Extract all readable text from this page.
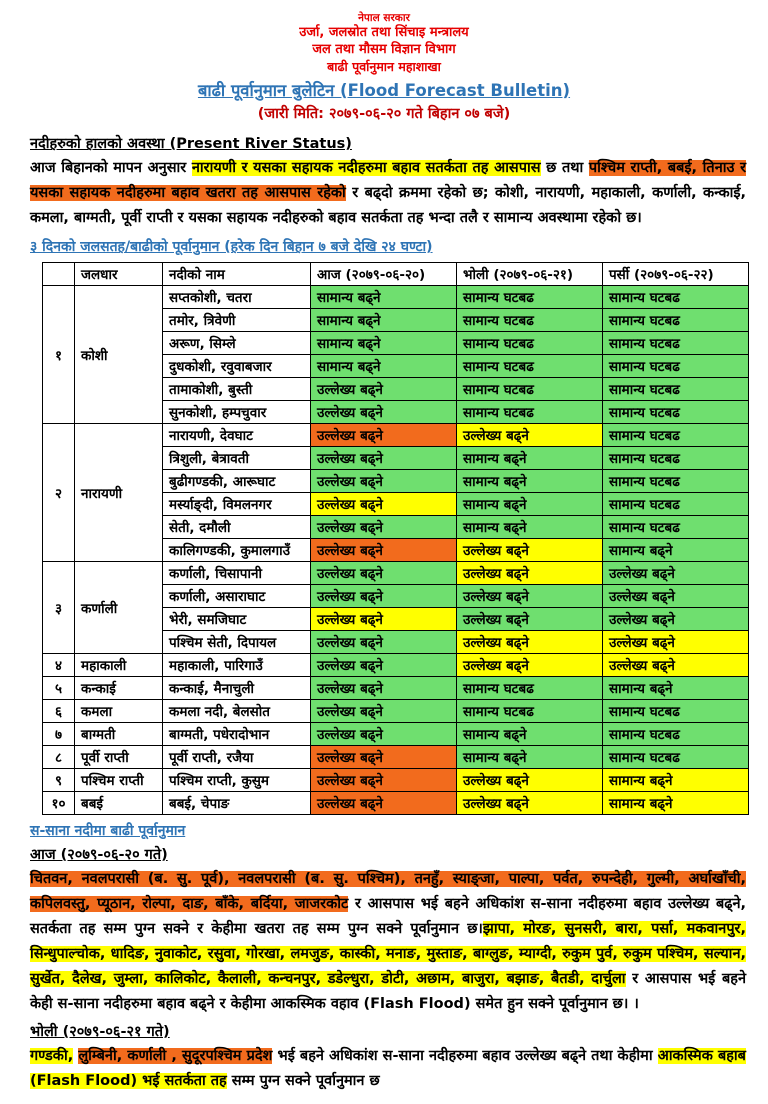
नेपाल सरकार
उर्जा, जलस्रोत तथा सिंचाइ मन्त्रालय
जल तथा मौसम विज्ञान विभाग
बाढी पूर्वानुमान महाशाखा
बाढी पूर्वानुमान बुलेटिन (Flood Forecast Bulletin)
(जारी मिति: २०७९-०६-२० गते बिहान ०७ बजे)
नदीहरुको हालको अवस्था (Present River Status)
आज बिहानको मापन अनुसार नारायणी र यसका सहायक नदीहरुमा बहाव सतर्कता तह आसपास छ तथा पश्चिम राप्ती, बबई, तिनाउ र यसका सहायक नदीहरुमा बहाव खतरा तह आसपास रहेको र बढ्दो क्रममा रहेको छ; कोशी, नारायणी, महाकाली, कर्णाली, कन्काई, कमला, बाग्मती, पूर्वी राप्ती र यसका सहायक नदीहरुको बहाव सतर्कता तह भन्दा तलै र सामान्य अवस्थामा रहेको छ।
३ दिनको जलसतह/बाढीको पूर्वानुमान (हरेक दिन बिहान ७ बजे देखि २४ घण्टा)
	जलधार	नदीको नाम	आज (२०७९-०६-२०)	भोली (२०७९-०६-२१)	पर्सी (२०७९-०६-२२)
१	कोशी	सप्तकोशी, चतरा	सामान्य बढ्ने	सामान्य घटबढ	सामान्य घटबढ
		तमोर, त्रिवेणी	सामान्य बढ्ने	सामान्य घटबढ	सामान्य घटबढ
		अरूण, सिम्ले	सामान्य बढ्ने	सामान्य घटबढ	सामान्य घटबढ
		दुधकोशी, रवुवाबजार	सामान्य बढ्ने	सामान्य घटबढ	सामान्य घटबढ
		तामाकोशी, बुस्ती	उल्लेख्य बढ्ने	सामान्य घटबढ	सामान्य घटबढ
		सुनकोशी, हम्पचुवार	उल्लेख्य बढ्ने	सामान्य घटबढ	सामान्य घटबढ
२	नारायणी	नारायणी, देवघाट	उल्लेख्य बढ्ने	उल्लेख्य बढ्ने	सामान्य घटबढ
		त्रिशुली, बेत्रावती	उल्लेख्य बढ्ने	सामान्य बढ्ने	सामान्य घटबढ
		बुढीगण्डकी, आरूघाट	उल्लेख्य बढ्ने	सामान्य बढ्ने	सामान्य घटबढ
		मर्स्याङ्दी, विमलनगर	उल्लेख्य बढ्ने	सामान्य बढ्ने	सामान्य घटबढ
		सेती, दमौली	उल्लेख्य बढ्ने	सामान्य बढ्ने	सामान्य घटबढ
		कालिगण्डकी, कुमालगाउँ	उल्लेख्य बढ्ने	उल्लेख्य बढ्ने	सामान्य बढ्ने
३	कर्णाली	कर्णाली, चिसापानी	उल्लेख्य बढ्ने	उल्लेख्य बढ्ने	उल्लेख्य बढ्ने
		कर्णाली, असाराघाट	उल्लेख्य बढ्ने	उल्लेख्य बढ्ने	उल्लेख्य बढ्ने
		भेरी, समजिघाट	उल्लेख्य बढ्ने	उल्लेख्य बढ्ने	उल्लेख्य बढ्ने
		पश्चिम सेती, दिपायल	उल्लेख्य बढ्ने	उल्लेख्य बढ्ने	उल्लेख्य बढ्ने
४	महाकाली	महाकाली, पारिगाउँ	उल्लेख्य बढ्ने	उल्लेख्य बढ्ने	उल्लेख्य बढ्ने
५	कन्काई	कन्काई, मैनाचुली	उल्लेख्य बढ्ने	सामान्य घटबढ	सामान्य बढ्ने
६	कमला	कमला नदी, बेलसोत	उल्लेख्य बढ्ने	सामान्य घटबढ	सामान्य घटबढ
७	बाग्मती	बाग्मती, पधेरादोभान	उल्लेख्य बढ्ने	सामान्य बढ्ने	सामान्य घटबढ
८	पूर्वी राप्ती	पूर्वी राप्ती, रजैया	उल्लेख्य बढ्ने	सामान्य बढ्ने	सामान्य घटबढ
९	पश्चिम राप्ती	पश्चिम राप्ती, कुसुम	उल्लेख्य बढ्ने	उल्लेख्य बढ्ने	सामान्य बढ्ने
१०	बबई	बबई, चेपाङ	उल्लेख्य बढ्ने	उल्लेख्य बढ्ने	सामान्य बढ्ने
स-साना नदीमा बाढी पूर्वानुमान
आज (२०७९-०६-२० गते)
चितवन, नवलपरासी (ब. सु. पूर्व), नवलपरासी (ब. सु. पश्चिम), तनहुँ, स्याङ्जा, पाल्पा, पर्वत, रुपन्देही, गुल्मी, अर्घाखाँची, कपिलवस्तु, प्यूठान, रोल्पा, दाङ, बाँके, बर्दिया, जाजरकोट र आसपास भई बहने अधिकांश स-साना नदीहरुमा बहाव उल्लेख्य बढ्ने, सतर्कता तह सम्म पुग्न सक्ने र केहीमा खतरा तह सम्म पुग्न सक्ने पूर्वानुमान छ।झापा, मोरङ, सुनसरी, बारा, पर्सा, मकवानपुर, सिन्धुपाल्चोक, धादिङ, नुवाकोट, रसुवा, गोरखा, लमजुङ, कास्की, मनाङ, मुस्ताङ, बाग्लुङ, म्याग्दी, रुकुम पुर्व, रुकुम पश्चिम, सल्यान, सुर्खेत, दैलेख, जुम्ला, कालिकोट, कैलाली, कन्चनपुर, डडेल्धुरा, डोटी, अछाम, बाजुरा, बझाङ, बैतडी, दार्चुला र आसपास भई बहने केही स-साना नदीहरुमा बहाव बढ्ने र केहीमा आकस्मिक वहाव (Flash Flood) समेत हुन सक्ने पूर्वानुमान छ। ।
भोली (२०७९-०६-२१ गते)
गण्डकी, लुम्बिनी, कर्णाली , सुदूरपश्चिम प्रदेश भई बहने अधिकांश स-साना नदीहरुमा बहाव उल्लेख्य बढ्ने तथा केहीमा आकस्मिक बहाब (Flash Flood) भई सतर्कता तह सम्म पुग्न सक्ने पूर्वानुमान छ
